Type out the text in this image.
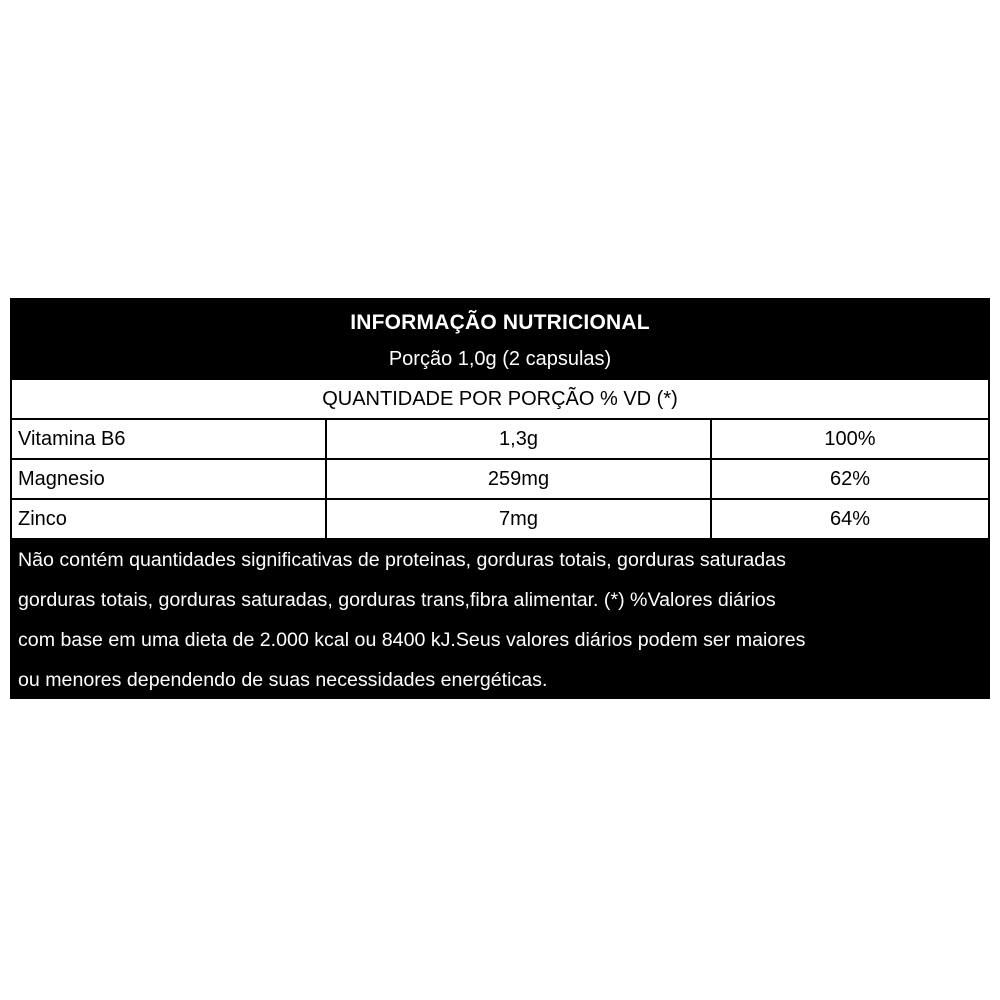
INFORMAÇÃO NUTRICIONAL
Porção 1,0g (2 capsulas)
QUANTIDADE POR PORÇÃO % VD (*)
Vitamina B6	1,3g	100%
Magnesio	259mg	62%
Zinco	7mg	64%
Não contém quantidades significativas de proteinas, gorduras totais, gorduras saturadas
gorduras totais, gorduras saturadas, gorduras trans,fibra alimentar. (*) %Valores diários
com base em uma dieta de 2.000 kcal ou 8400 kJ.Seus valores diários podem ser maiores
ou menores dependendo de suas necessidades energéticas.
